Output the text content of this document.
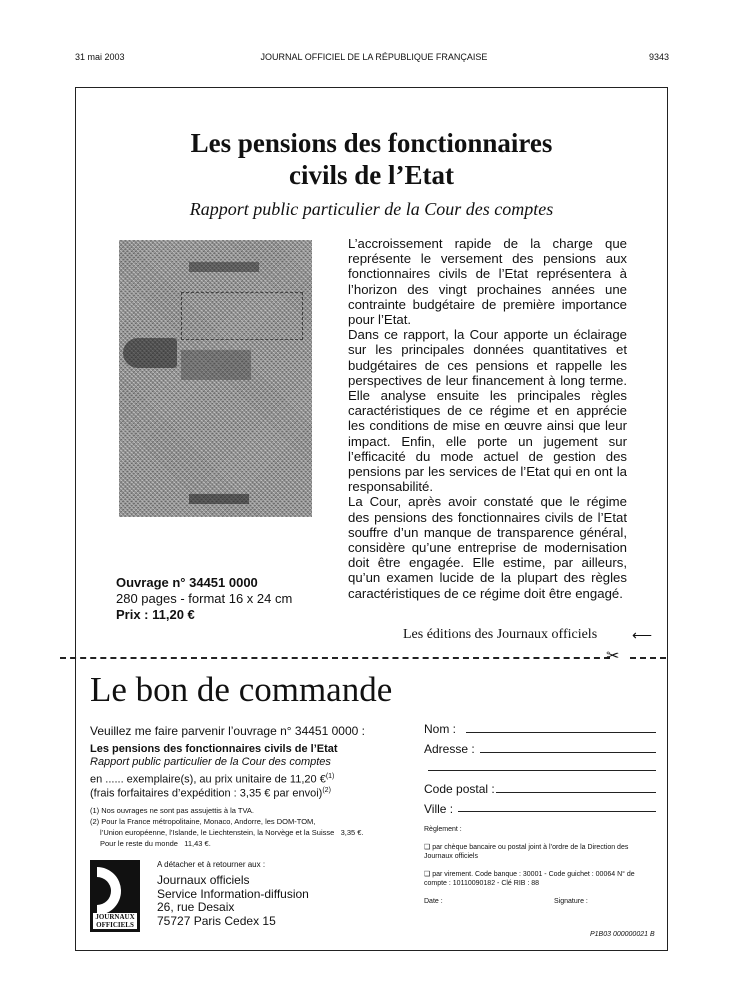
31 mai 2003	JOURNAL OFFICIEL DE LA RÉPUBLIQUE FRANÇAISE	9343
Les pensions des fonctionnaires
civils de l’Etat
Rapport public particulier de la Cour des comptes

L’accroissement rapide de la charge que représente le versement des pensions aux fonctionnaires civils de l’Etat représentera à l’horizon des vingt prochaines années une contrainte budgétaire de première importance pour l’Etat.

Dans ce rapport, la Cour apporte un éclairage sur les principales données quantitatives et budgétaires de ces pensions et rappelle les perspectives de leur financement à long terme. Elle analyse ensuite les principales règles caractéristiques de ce régime et en apprécie les conditions de mise en œuvre ainsi que leur impact. Enfin, elle porte un jugement sur l’efficacité du mode actuel de gestion des pensions par les services de l’Etat qui en ont la responsabilité.

La Cour, après avoir constaté que le régime des pensions des fonctionnaires civils de l’Etat souffre d’un manque de transparence général, considère qu’une entreprise de modernisation doit être engagée. Elle estime, par ailleurs, qu’un examen lucide de la plupart des règles caractéristiques de ce régime doit être engagé.

Ouvrage n° 34451 0000
280 pages - format 16 x 24 cm
Prix : 11,20 €
Les éditions des Journaux officiels ⟵
✂
Le bon de commande
Veuillez me faire parvenir l’ouvrage n° 34451 0000 :
Les pensions des fonctionnaires civils de l’Etat
Rapport public particulier de la Cour des comptes
en ...... exemplaire(s), au prix unitaire de 11,20 €$^{(1)}$
(frais forfaitaires d’expédition : 3,35 € par envoi)$^{(2)}$
(1) Nos ouvrages ne sont pas assujettis à la TVA.
(2) Pour la France métropolitaine, Monaco, Andorre, les DOM-TOM,
l’Union européenne, l’Islande, le Liechtenstein, la Norvège et la Suisse 3,35 €.
Pour le reste du monde 11,43 €.
A détacher et à retourner aux :
JOURNAUX
OFFICIELS
Journaux officiels
Service Information-diffusion
26, rue Desaix
75727 Paris Cedex 15
Nom :
Adresse :
Code postal :
Ville :
Règlement :
❑ par chèque bancaire ou postal joint à l’ordre de la Direction des Journaux officiels
❑ par virement. Code banque : 30001 - Code guichet : 00064 N° de compte : 10110090182 - Clé RIB : 88
Date :	Signature :
P1B03 000000021 B
